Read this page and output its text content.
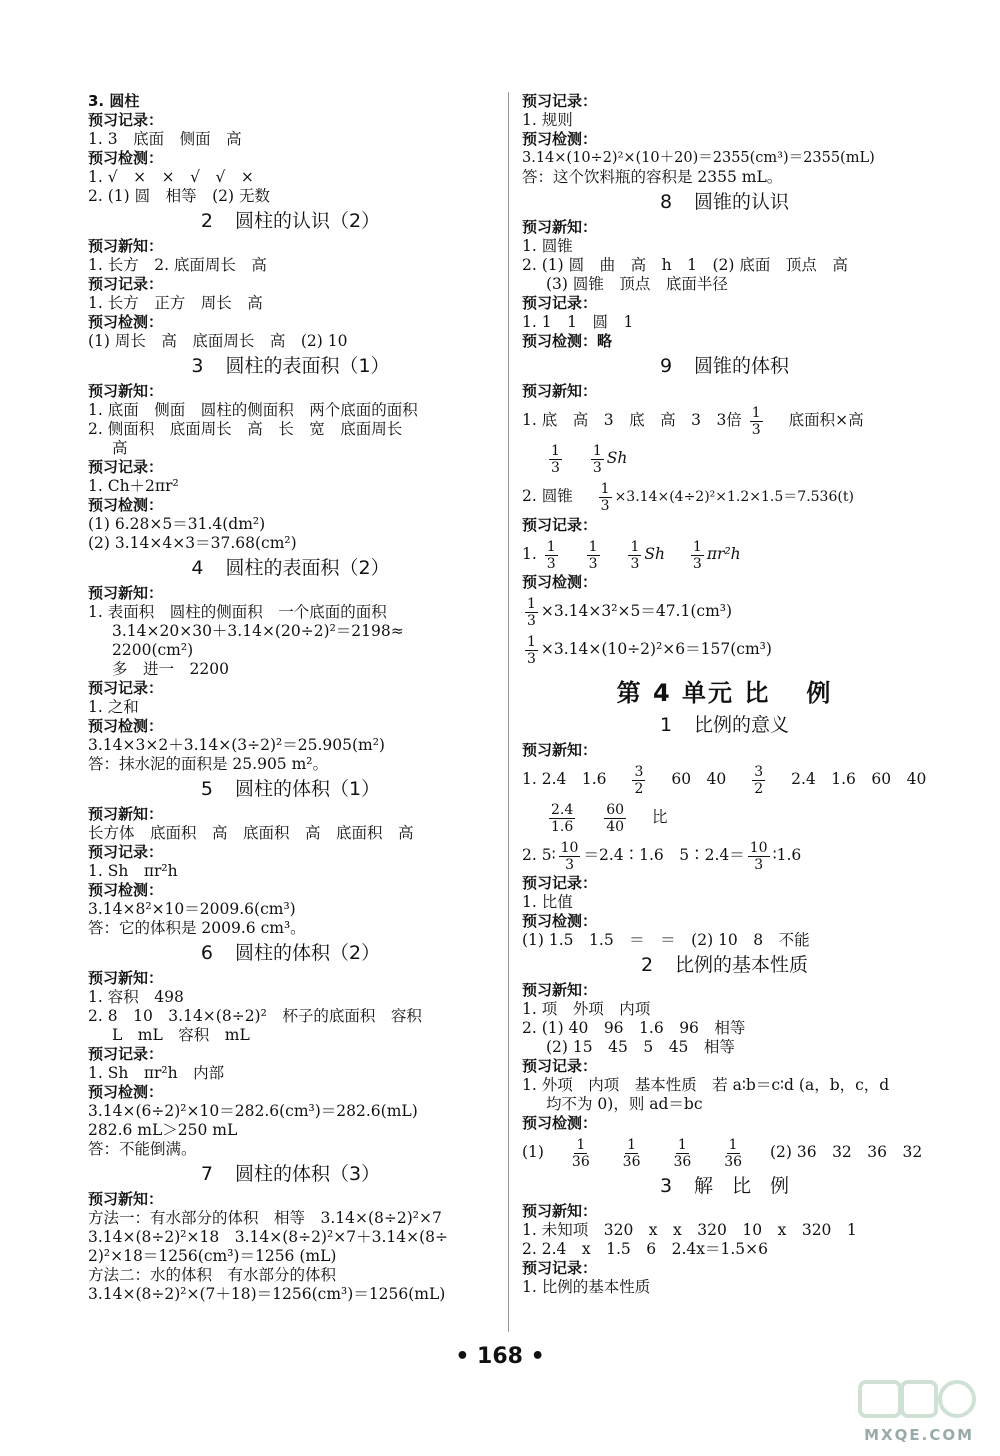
3. 圆柱
预习记录：
1. 3　底面　侧面　高
预习检测：
1. √　×　×　√　√　×
2. (1) 圆　相等　(2) 无数
2 圆柱的认识（2）
预习新知：
1. 长方　2. 底面周长　高
预习记录：
1. 长方　正方　周长　高
预习检测：
(1) 周长　高　底面周长　高　(2) 10
3 圆柱的表面积（1）
预习新知：
1. 底面　侧面　圆柱的侧面积　两个底面的面积
2. 侧面积　底面周长　高　长　宽　底面周长
高
预习记录：
1. Ch＋2πr²
预习检测：
(1) 6.28×5＝31.4(dm²)
(2) 3.14×4×3＝37.68(cm²)
4 圆柱的表面积（2）
预习新知：
1. 表面积　圆柱的侧面积　一个底面的面积
3.14×20×30＋3.14×(20÷2)²＝2198≈
2200(cm²)
多　进一　2200
预习记录：
1. 之和
预习检测：
3.14×3×2＋3.14×(3÷2)²＝25.905(m²)
答：抹水泥的面积是 25.905 m²。
5 圆柱的体积（1）
预习新知：
长方体　底面积　高　底面积　高　底面积　高
预习记录：
1. Sh　πr²h
预习检测：
3.14×8²×10＝2009.6(cm³)
答：它的体积是 2009.6 cm³。
6 圆柱的体积（2）
预习新知：
1. 容积　498
2. 8　10　3.14×(8÷2)²　杯子的底面积　容积
L　mL　容积　mL
预习记录：
1. Sh　πr²h　内部
预习检测：
3.14×(6÷2)²×10＝282.6(cm³)＝282.6(mL)
282.6 mL＞250 mL
答：不能倒满。
7 圆柱的体积（3）
预习新知：
方法一：有水部分的体积　相等　3.14×(8÷2)²×7
3.14×(8÷2)²×18　3.14×(8÷2)²×7＋3.14×(8÷
2)²×18＝1256(cm³)＝1256 (mL)
方法二：水的体积　有水部分的体积
3.14×(8÷2)²×(7＋18)＝1256(cm³)＝1256(mL)
预习记录：
1. 规则
预习检测：
3.14×(10÷2)²×(10＋20)＝2355(cm³)＝2355(mL)
答：这个饮料瓶的容积是 2355 mL。
8 圆锥的认识
预习新知：
1. 圆锥
2. (1) 圆　曲　高　h　1　(2) 底面　顶点　高
(3) 圆锥　顶点　底面半径
预习记录：
1. 1　1　圆　1
预习检测：略
9 圆锥的体积
预习新知：
1. 底　高　3　底　高　3　3倍 $\frac{1}{3}$ 底面积×高
$\frac{1}{3}$
$\frac{1}{3}$ Sh
2. 圆锥 $\frac{1}{3} \times 3.14\times(4\div 2)^2\times 1.2\times 1.5=7.536(t)$
预习记录：
1. $\frac{1}{3}$
$\frac{1}{3}$
$\frac{1}{3}$ Sh $\frac{1}{3} \pi r^2h$
预习检测：
$\frac{1}{3} \times 3.14\times 3^2\times 5=47.1(cm^3)$
$\frac{1}{3} \times 3.14\times(10\div 2)^2\times 6=157(cm^3)$
第 4 单元 比 例
1 比例的意义
预习新知：
1. 2.4　$1.6 \frac{3}{2} 60$　$40 \frac{3}{2} 2.4$　1.6　60　40
$\frac{2.4}{1.6}$
$\frac{60}{40}$ 比
2. 5∶ $\frac{10}{3}$ ＝2.4∶1.6　5∶2.4＝ $\frac{10}{3}$ ∶1.6
预习记录：
1. 比值
预习检测：
(1) 1.5　1.5　＝　＝　(2) 10　8　不能
2 比例的基本性质
预习新知：
1. 项　外项　内项
2. (1) 40　96　1.6　96　相等
(2) 15　45　5　45　相等
预习记录：
1. 外项　内项　基本性质　若 a∶b＝c∶d (a，b，c，d
均不为 0)，则 ad＝bc
预习检测：
$(1) \frac{1}{36}$
$\frac{1}{36}$
$\frac{1}{36}$
$\frac{1}{36} (2)$ 36　32　36　32
3 解　比　例
预习新知：
1. 未知项　320　x　x　320　10　x　320　1
2. 2.4　x　1.5　6　2.4x＝1.5×6
预习记录：
1. 比例的基本性质
• 168 •
MXQE.COM
